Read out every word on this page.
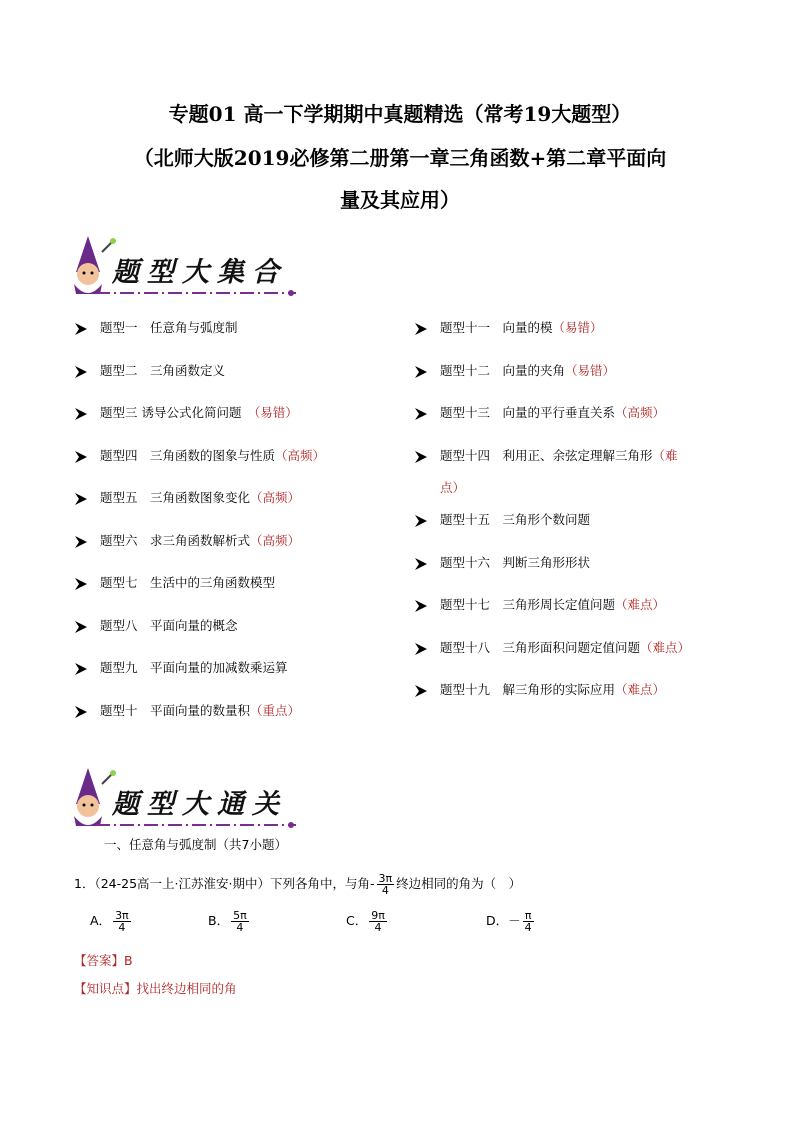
专题01 高一下学期期中真题精选（常考19大题型）
（北师大版2019必修第二册第一章三角函数+第二章平面向
量及其应用）
题型大集合
题型一　任意角与弧度制
题型二　三角函数定义
题型三 诱导公式化简问题　（易错）
题型四　三角函数的图象与性质（高频）
题型五　三角函数图象变化（高频）
题型六　求三角函数解析式（高频）
题型七　生活中的三角函数模型
题型八　平面向量的概念
题型九　平面向量的加减数乘运算
题型十　平面向量的数量积（重点）
题型十一　向量的模（易错）
题型十二　向量的夹角（易错）
题型十三　向量的平行垂直关系（高频）
题型十四　利用正、余弦定理解三角形（难
点）
题型十五　三角形个数问题
题型十六　判断三角形形状
题型十七　三角形周长定值问题（难点）
题型十八　三角形面积问题定值问题（难点）
题型十九　解三角形的实际应用（难点）
题型大通关
一、任意角与弧度制（共7小题）
1．（24-25高一上·江苏淮安·期中）下列各角中，与角- $\frac{3\pi}{4}$ 终边相同的角为（　）
A． $\frac{3\pi}{4}$	B． $\frac{5\pi}{4}$	C． $\frac{9\pi}{4}$	D．－ $\frac{\pi}{4}$
【答案】B
【知识点】找出终边相同的角
